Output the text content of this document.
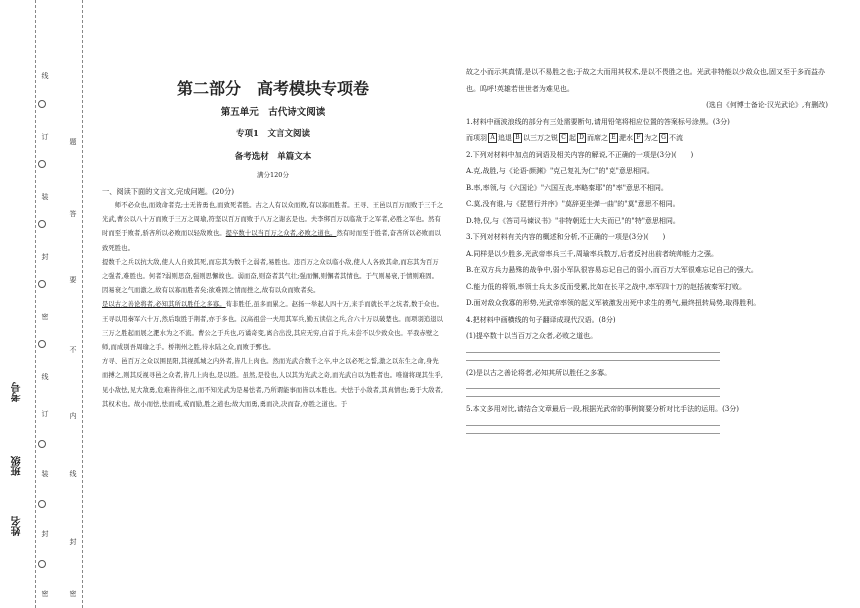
线
订
装
封
密
线
订
装
封
密
题
答
要
不
内
线
封
密
考号
班级
姓名
第二部分　高考模块专项卷
第五单元　古代诗文阅读
专项1　文言文阅读
备考选材　单篇文本
满分120分
一、阅读下面的文言文,完成问题。(20分)

　　师不必众也,而效命者克;士无皆勇也,而致死者胜。古之人有以众而败,有以寡而胜者。王寻、王邑以百万而败于三千之光武,曹公以八十万而败于三万之周瑜,符坚以百万而败于八万之谢玄是也。夫李绑百万以临敌于之军者,必胜之军也。然有时而至于败者,骄吝所以必败而以轻敌败也。提卒数十以当百万之众者,必败之道也。然有时而至于胜者,奋吝所以必败而以致死胜也。

提数千之兵以抗大敌,使人人自致其死,而忘其为数千之弱者,易胜也。违百万之众以临小敌,使人人各致其命,而忘其为百万之强者,难胜也。何者?弱则思奋,强则思懈故也。弱而奋,则奋者其气壮;强而懈,则懈者其情也。于气则易衰,于情则难固。因易衰之气而激之,故有以寡而胜者矣;欲难固之情而挫之,故有以众而败者矣。

是以古之善论将者,必知其所以胜任之多寡。荀非胜任,虽多而累之。赵扬一举起人四十万,来手而就长平之坑者,数于众也。王寻以用秦军六十万,然后取胜于荆者,亦于多也。汉高祖尝一夫用其军兵,勤五读信之兵,合六十万以破楚也。而项羽追退以三万之胜起而展之淝水为之不流。曹公之于兵也,巧谲奇变,离合出没,其应无穷,白首于兵,未尝不以少致众也。平我赤壁之师,而成别吾周瑜之手。桥荆州之胜,待水陆之众,而败于鄄也。

方寻、邑百万之众以围昆阳,其视孤城之内外者,皆几上肉也。然而光武合数千之卒,中之以必死之誓,激之以东生之命,身先而搏之,则其反视寻邑之众者,皆几上肉也,是以胜。虽然,是役也,人以其为光武之奇,而光武自以为胜者也。唯谢将现其生乎,见小敌怯,见大敌勇,危难皆得住之,而不知光武为是易怯者,乃所谓能事而皆以本胜也。夫怯于小敌者,其真情也;勇于大敌者,其权术也。故小而怯,怯而戒,戒而励,胜之道也;故大而勇,勇而决,决而奋,亦胜之道也。于

故之小而示其真情,是以不易胜之也;于故之大而用其权术,是以不畏胜之也。光武非特能以少敌众也,固又至于多而益办也。呜呼!英雄若世世者为难见也。

(选自《何博士备论·汉光武论》,有删改)

1.材料中画波浪线的部分有三处需要断句,请用铅笔将相应位置的答案标号涂黑。(3分)

而项羽 A 追退 B 以三万之锐 C 起 D 而席之 E 淝水 F 为之 G 不流

2.下列对材料中加点的词语及相关内容的解说,不正确的一项是(3分)(　　)

A.克,战胜,与《论语·颜渊》"克己复礼为仁"的"克"意思相同。

B.率,率领,与《六国论》"六国互丧,率略秦耶"的"率"意思不相同。

C.莫,没有谁,与《琵琶行并序》"莫辞更坐弹一曲"的"莫"意思不相同。

D.特,仅,与《答司马谏议书》"非特朝廷士大夫而已"的"特"意思相同。

3.下列对材料有关内容的概述和分析,不正确的一项是(3分)(　　)

A.同样是以少胜多,光武帝率兵三千,周瑜率兵数万,后者反衬出前者统帅能力之强。

B.在双方兵力悬殊的战争中,弱小军队很容易忘记自己的弱小,而百万大军很难忘记自己的强大。

C.能力低的将领,率领士兵太多反而受累,比如在长平之战中,率军四十万的赵括被秦军打败。

D.面对敌众我寡的形势,光武帝率领的起义军被激发出死中求生的勇气,最终扭转局势,取得胜利。

4.把材料中画横线的句子翻译成现代汉语。(8分)

(1)提卒数十以当百万之众者,必败之道也。

(2)是以古之善论将者,必知其所以胜任之多寡。

5.本文多用对比,请结合文章最后一段,根据光武帝的事例简要分析对比手法的运用。(3分)
